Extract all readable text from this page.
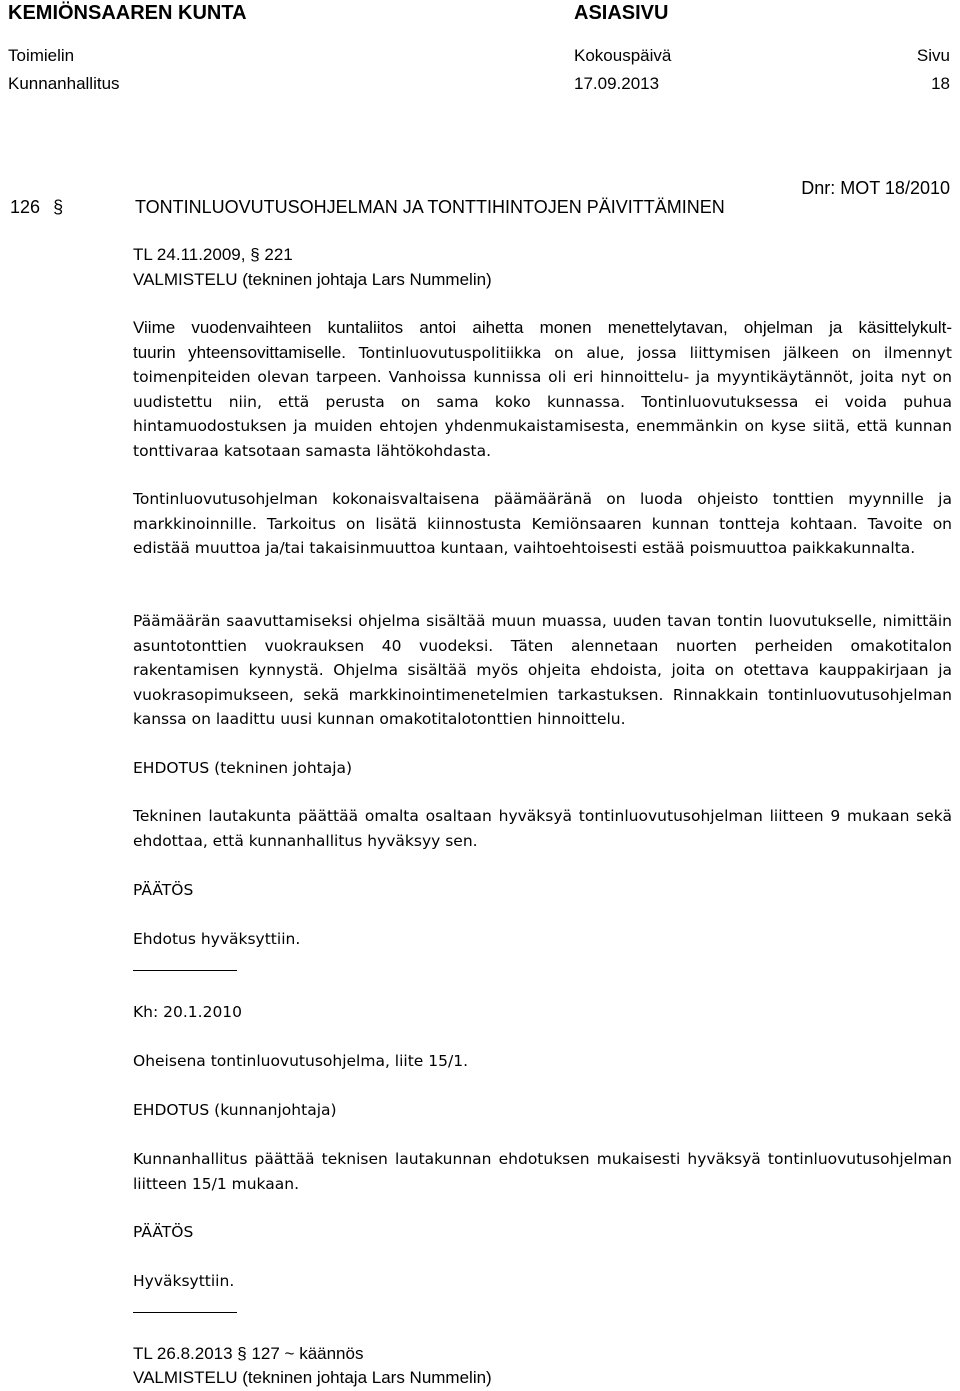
KEMIÖNSAAREN KUNTA	ASIASIVU
Toimielin	Kokouspäivä	Sivu
Kunnanhallitus	17.09.2013	18
Dnr: MOT 18/2010
126 §	TONTINLUOVUTUSOHJELMAN JA TONTTIHINTOJEN PÄIVITTÄMINEN
TL 24.11.2009, § 221
VALMISTELU (tekninen johtaja Lars Nummelin)
Viime vuodenvaihteen kuntaliitos antoi aihetta monen menettelytavan, ohjelman ja käsittelykult-
tuurin yhteensovittamiselle. Tontinluovutuspolitiikka on alue, jossa liittymisen jälkeen on ilmennyt toimenpiteiden olevan tarpeen. Vanhoissa kunnissa oli eri hinnoittelu- ja myyntikäytännöt, joita nyt on uudistettu niin, että perusta on sama koko kunnassa. Tontinluovutuksessa ei voida puhua hintamuodostuksen ja muiden ehtojen yhdenmukaistamisesta, enemmänkin on kyse siitä, että kunnan tonttivaraa katsotaan samasta lähtökohdasta.
Tontinluovutusohjelman kokonaisvaltaisena päämääränä on luoda ohjeisto tonttien myynnille ja markkinoinnille. Tarkoitus on lisätä kiinnostusta Kemiönsaaren kunnan tontteja kohtaan. Tavoite on edistää muuttoa ja/tai takaisinmuuttoa kuntaan, vaihtoehtoisesti estää poismuuttoa paikkakunnalta.
Päämäärän saavuttamiseksi ohjelma sisältää muun muassa, uuden tavan tontin luovutukselle, nimittäin asuntotonttien vuokrauksen 40 vuodeksi. Täten alennetaan nuorten perheiden omakotitalon rakentamisen kynnystä. Ohjelma sisältää myös ohjeita ehdoista, joita on otettava kauppakirjaan ja vuokrasopimukseen, sekä markkinointimenetelmien tarkastuksen. Rinnakkain tontinluovutusohjelman kanssa on laadittu uusi kunnan omakotitalotonttien hinnoittelu.
EHDOTUS (tekninen johtaja)
Tekninen lautakunta päättää omalta osaltaan hyväksyä tontinluovutusohjelman liitteen 9 mukaan sekä ehdottaa, että kunnanhallitus hyväksyy sen.
PÄÄTÖS
Ehdotus hyväksyttiin.
Kh: 20.1.2010
Oheisena tontinluovutusohjelma, liite 15/1.
EHDOTUS (kunnanjohtaja)
Kunnanhallitus päättää teknisen lautakunnan ehdotuksen mukaisesti hyväksyä tontinluovutusohjelman liitteen 15/1 mukaan.
PÄÄTÖS
Hyväksyttiin.
TL 26.8.2013 § 127 ~ käännös
VALMISTELU (tekninen johtaja Lars Nummelin)
